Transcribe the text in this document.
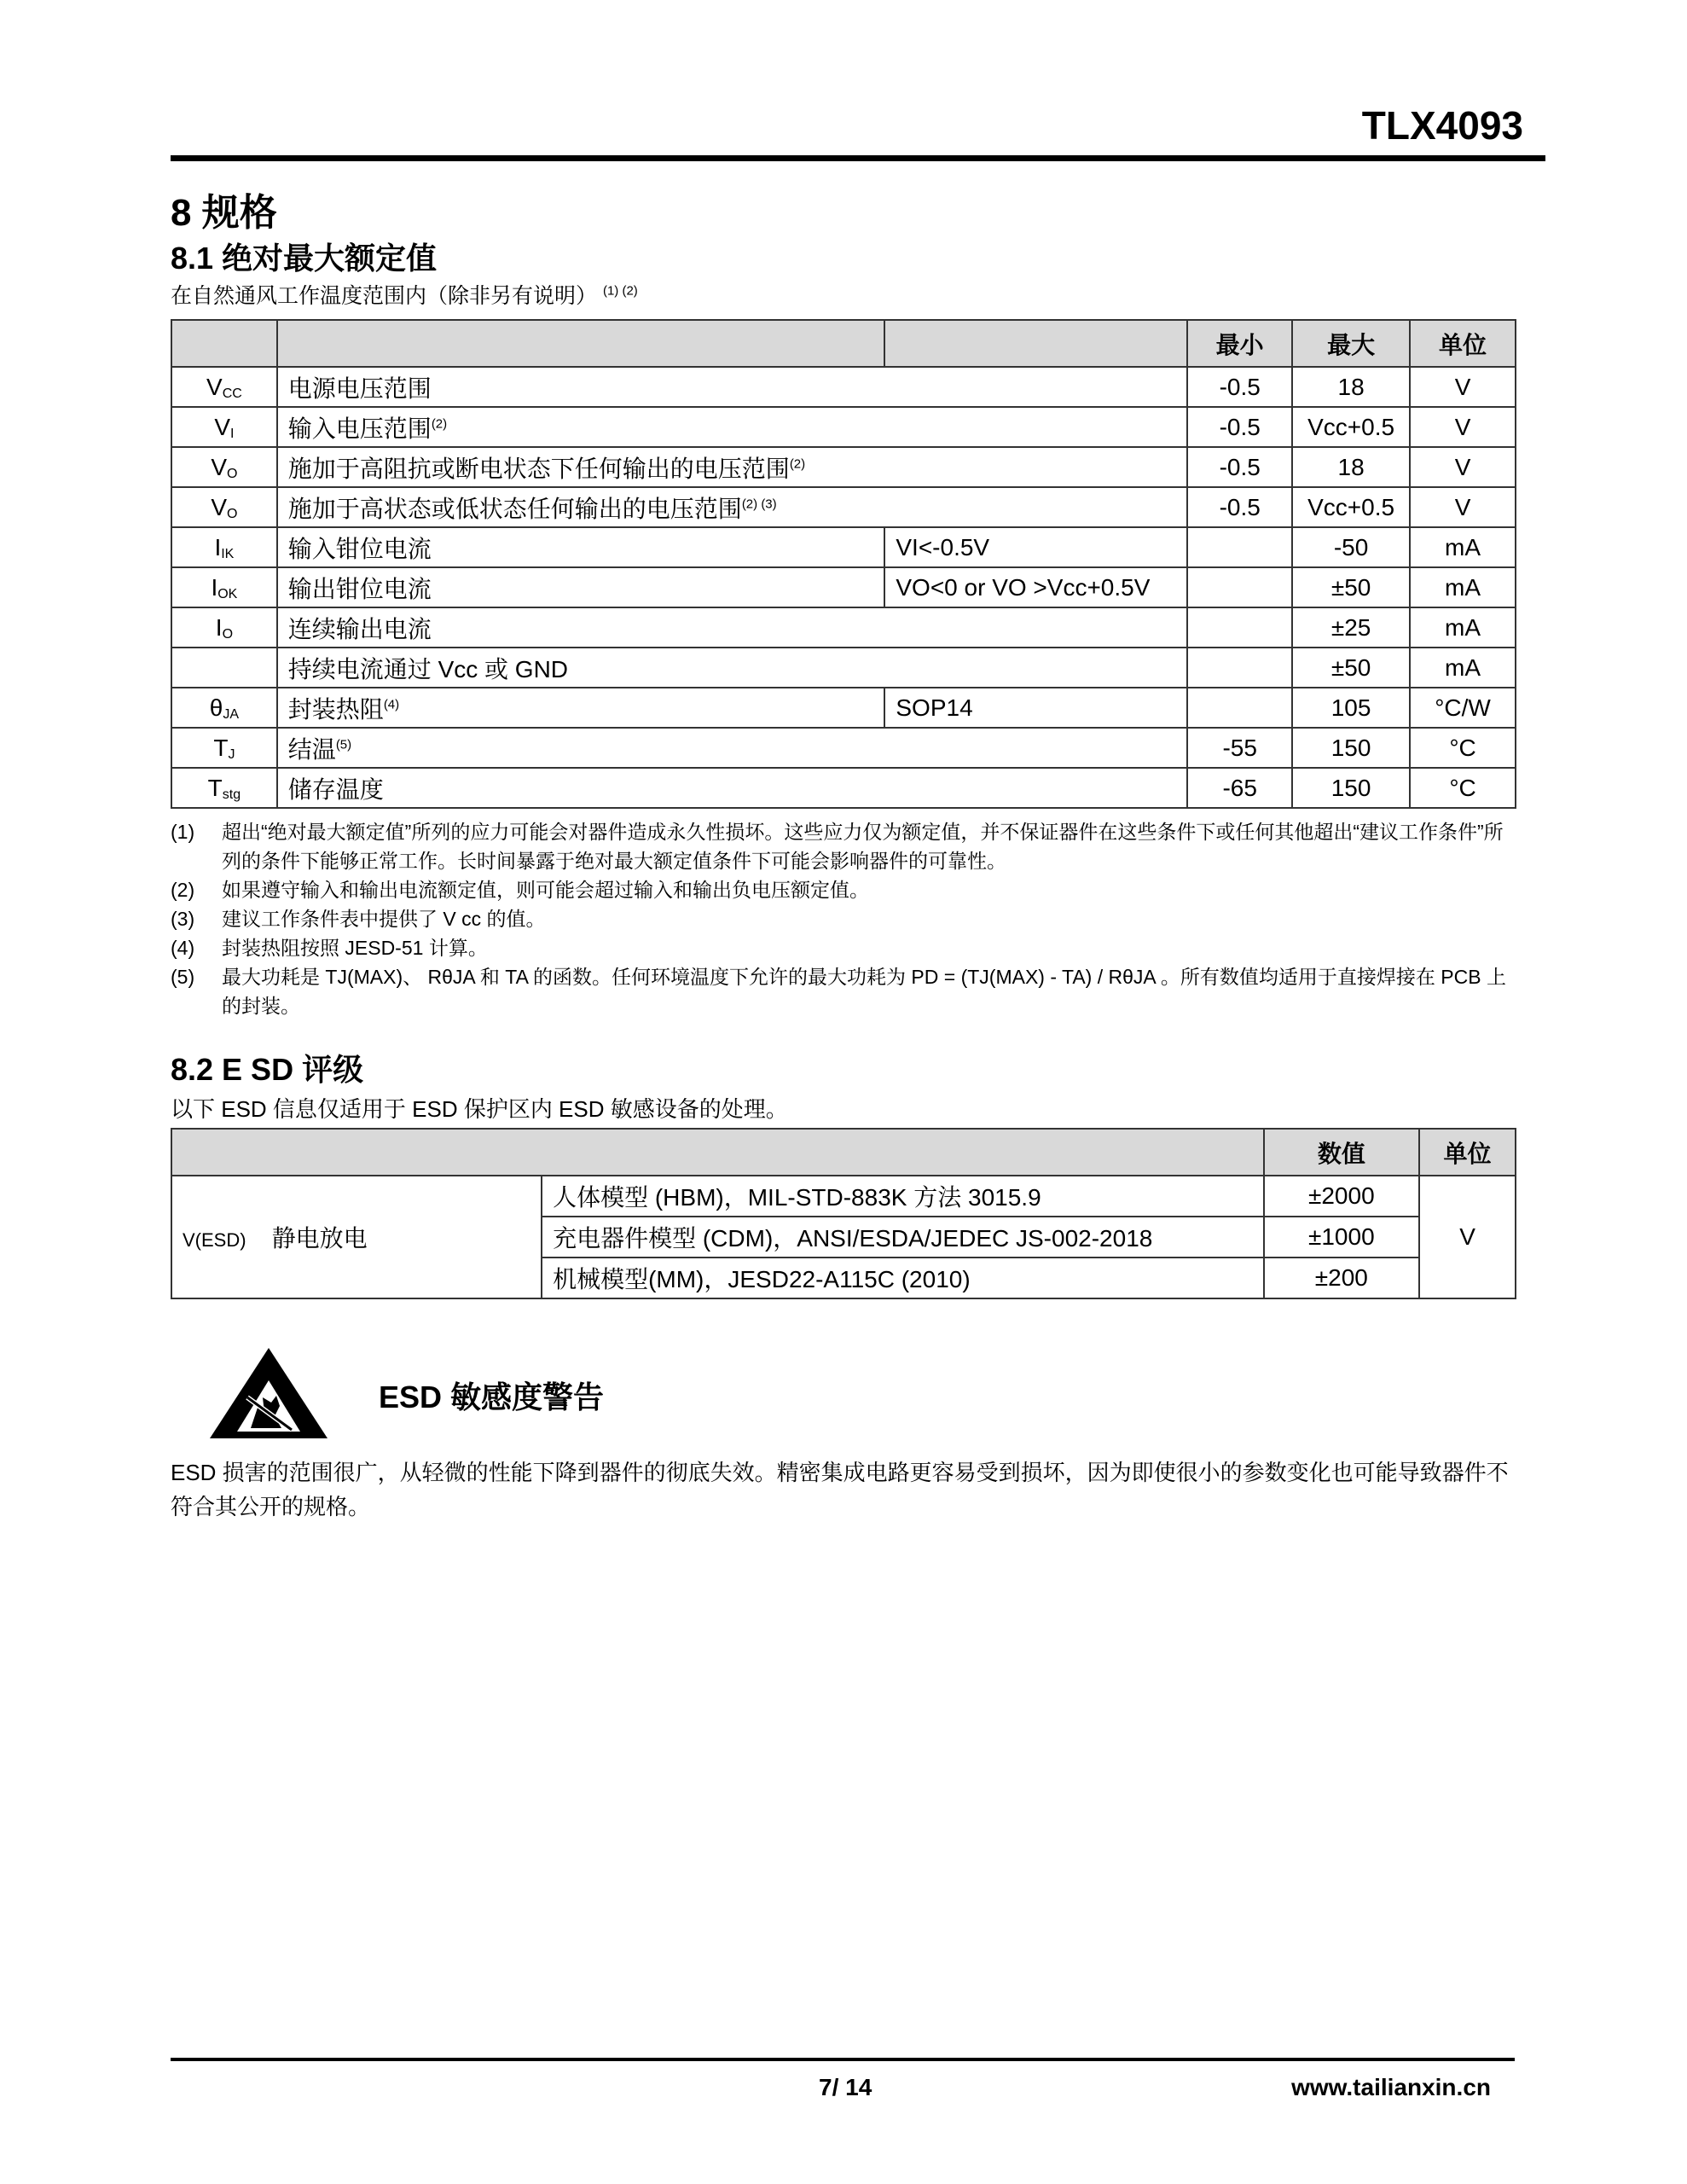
TLX4093
8 规格
8.1 绝对最大额定值
在自然通风工作温度范围内（除非另有说明） $^{(1) (2)}$
			最小	最大	单位
$V_{CC}$	电源电压范围		-0.5	18	V
$V_I$	输入电压范围$^{(2)}$		-0.5	Vcc+0.5	V
$V_O$	施加于高阻抗或断电状态下任何输出的电压范围$^{(2)}$		-0.5	18	V
$V_O$	施加于高状态或低状态任何输出的电压范围$^{(2) (3)}$		-0.5	Vcc+0.5	V
$I_{IK}$	输入钳位电流	VI<-0.5V		-50	mA
$I_{OK}$	输出钳位电流	VO<0 or VO >Vcc+0.5V		±50	mA
$I_O$	连续输出电流			±25	mA
	持续电流通过 Vcc 或 GND			±50	mA
$\theta_{JA}$	封装热阻$^{(4)}$	SOP14		105	°C/W
$T_J$	结温$^{(5)}$		-55	150	°C
$T_{stg}$	储存温度		-65	150	°C
(1)	超出“绝对最大额定值”所列的应力可能会对器件造成永久性损坏。这些应力仅为额定值，并不保证器件在这些条件下或任何其他超出“建议工作条件”所列的条件下能够正常工作。长时间暴露于绝对最大额定值条件下可能会影响器件的可靠性。
(2)	如果遵守输入和输出电流额定值，则可能会超过输入和输出负电压额定值。
(3)	建议工作条件表中提供了 V cc 的值。
(4)	封装热阻按照 JESD-51 计算。
(5)	最大功耗是 TJ(MAX)、 RθJA 和 TA 的函数。任何环境温度下允许的最大功耗为 PD = (TJ(MAX) - TA) / RθJA 。所有数值均适用于直接焊接在 PCB 上的封装。
8.2 E SD 评级
以下 ESD 信息仅适用于 ESD 保护区内 ESD 敏感设备的处理。
		数值	单位
V(ESD) 静电放电	人体模型 (HBM)，MIL-STD-883K 方法 3015.9	±2000	V
	充电器件模型 (CDM)，ANSI/ESDA/JEDEC JS-002-2018	±1000	
	机械模型(MM)，JESD22-A115C (2010)	±200	
ESD 敏感度警告
ESD 损害的范围很广，从轻微的性能下降到器件的彻底失效。精密集成电路更容易受到损坏，因为即使很小的参数变化也可能导致器件不符合其公开的规格。
7/ 14	www.tailianxin.cn
